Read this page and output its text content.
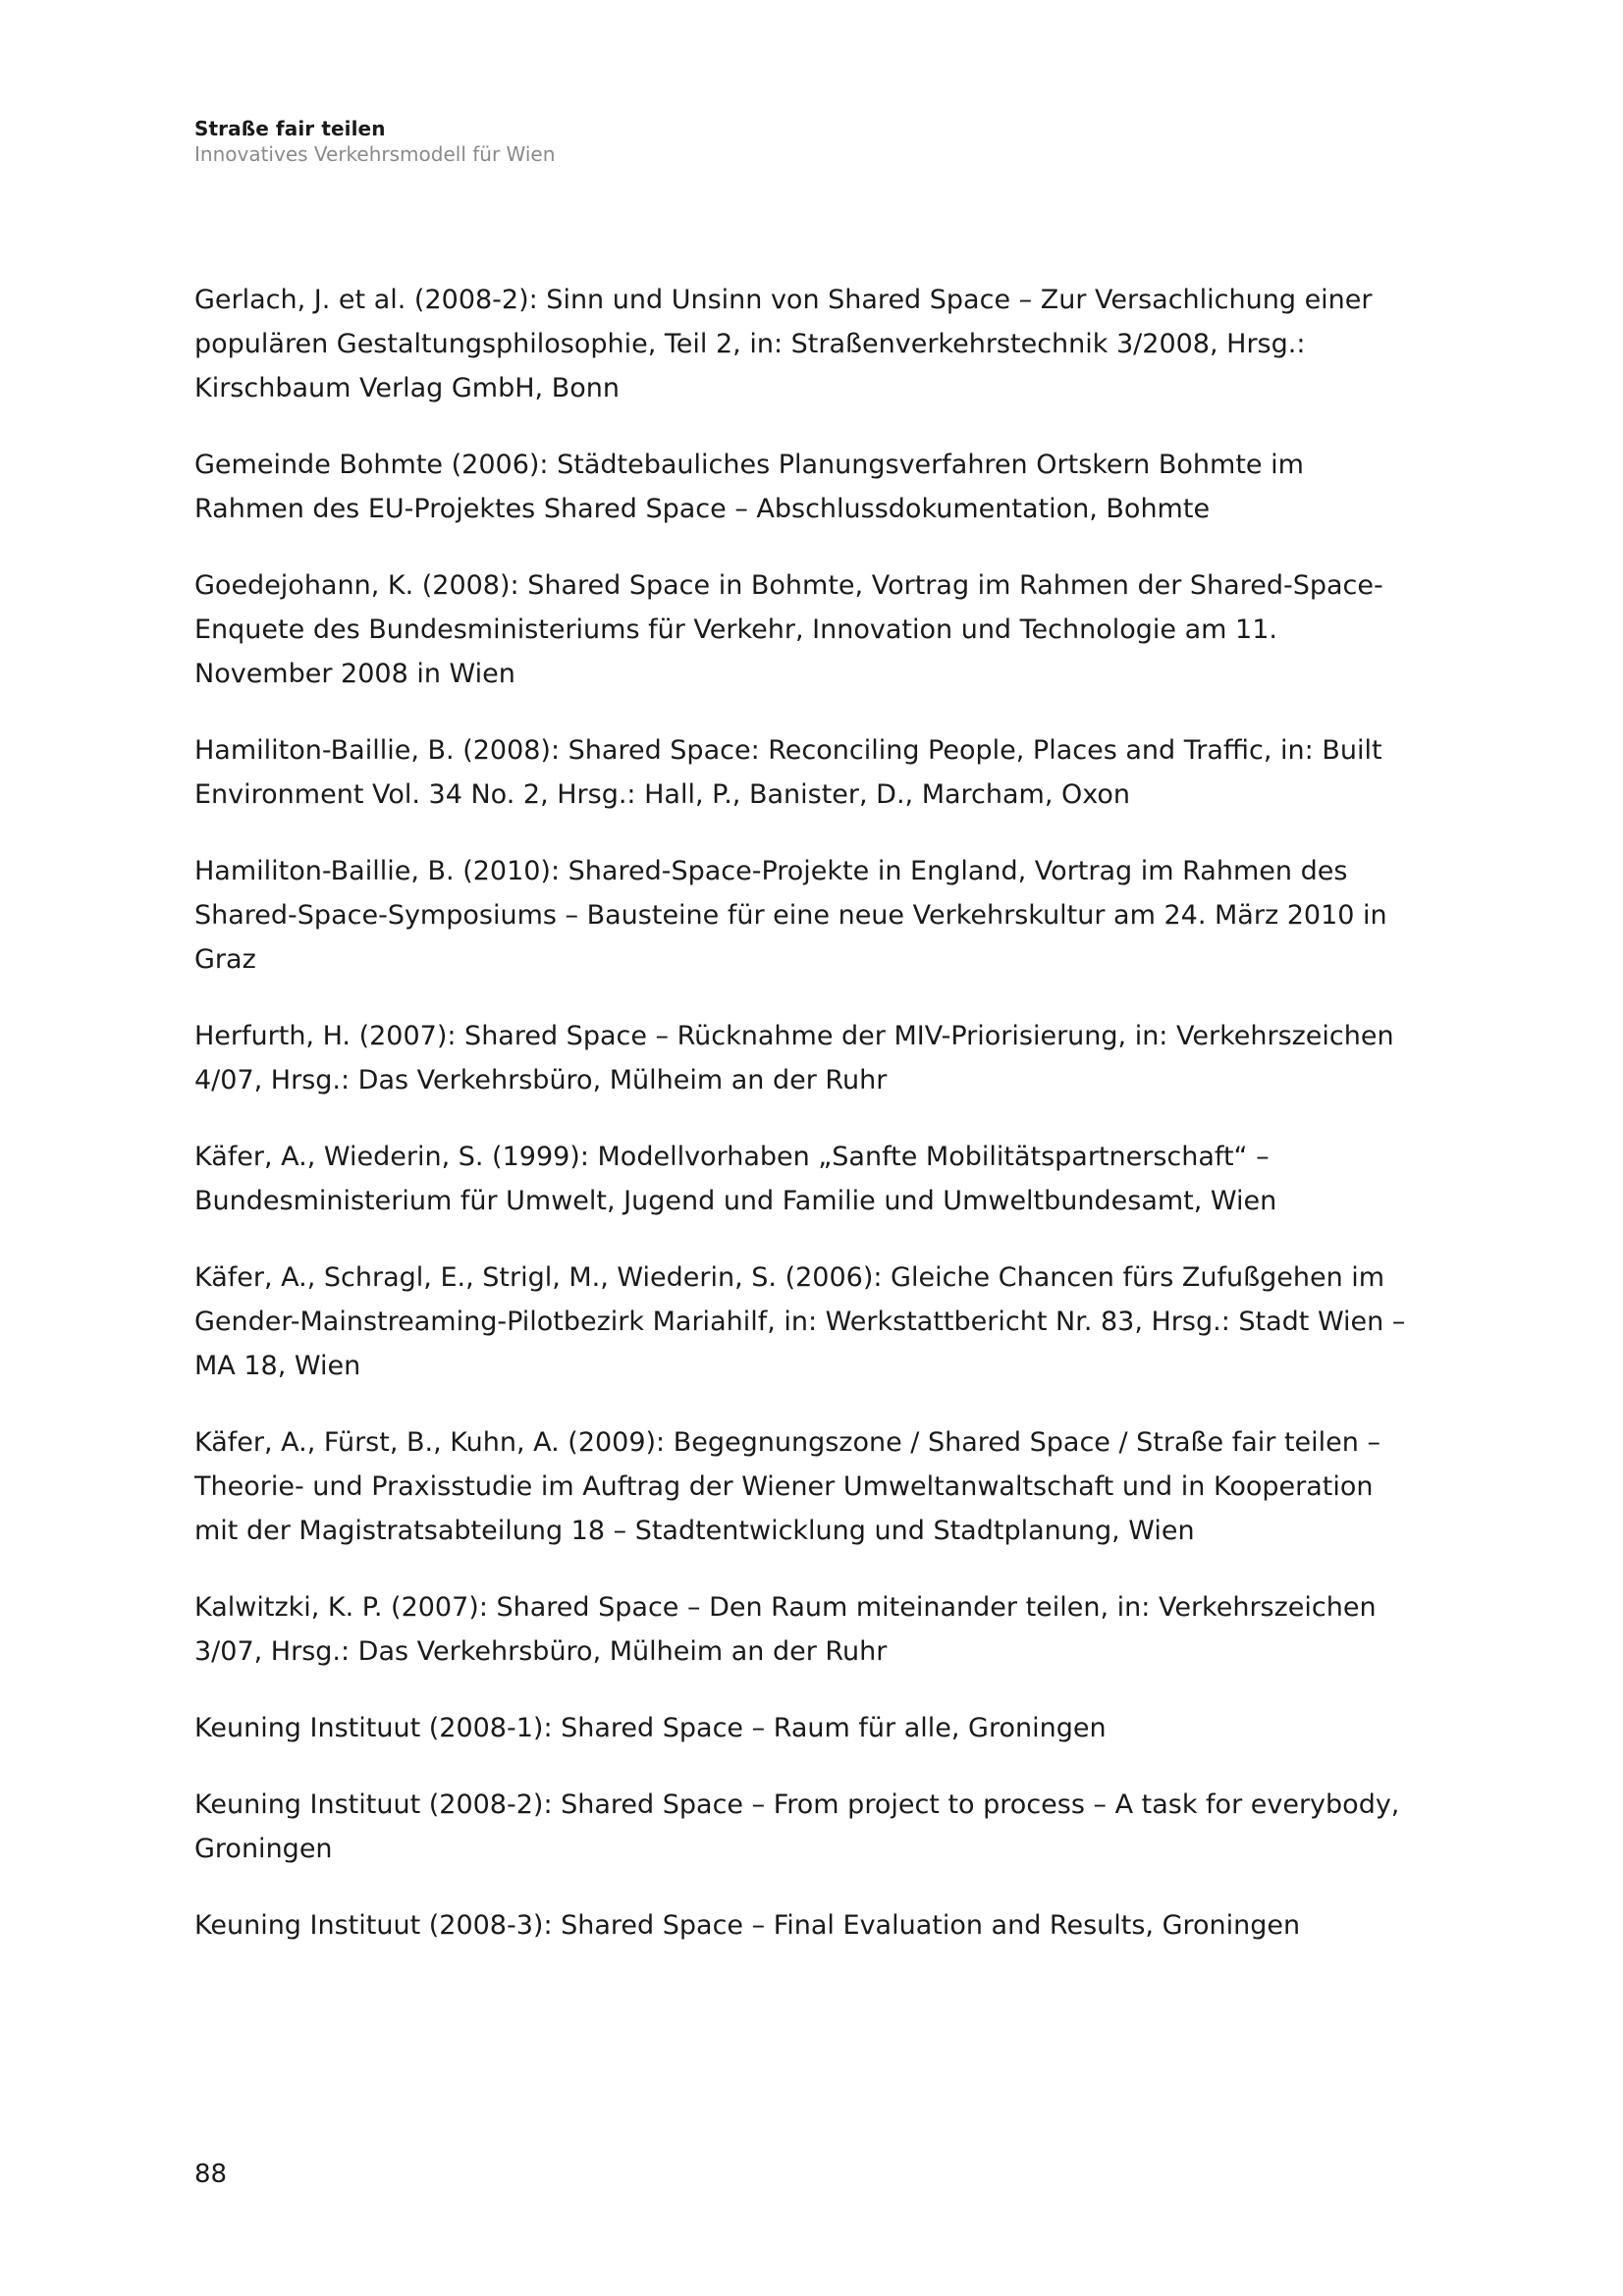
Straße fair teilen
Innovatives Verkehrsmodell für Wien

Gerlach, J. et al. (2008-2): Sinn und Unsinn von Shared Space – Zur Versachlichung einer populären Gestaltungsphilosophie, Teil 2, in: Straßenverkehrstechnik 3/2008, Hrsg.: Kirschbaum Verlag GmbH, Bonn

Gemeinde Bohmte (2006): Städtebauliches Planungsverfahren Ortskern Bohmte im Rahmen des EU-Projektes Shared Space – Abschlussdokumentation, Bohmte

Goedejohann, K. (2008): Shared Space in Bohmte, Vortrag im Rahmen der Shared-Space-Enquete des Bundesministeriums für Verkehr, Innovation und Technologie am 11. November 2008 in Wien

Hamiliton-Baillie, B. (2008): Shared Space: Reconciling People, Places and Traffic, in: Built Environment Vol. 34 No. 2, Hrsg.: Hall, P., Banister, D., Marcham, Oxon

Hamiliton-Baillie, B. (2010): Shared-Space-Projekte in England, Vortrag im Rahmen des Shared-Space-Symposiums – Bausteine für eine neue Verkehrskultur am 24. März 2010 in Graz

Herfurth, H. (2007): Shared Space – Rücknahme der MIV-Priorisierung, in: Verkehrszeichen 4/07, Hrsg.: Das Verkehrsbüro, Mülheim an der Ruhr

Käfer, A., Wiederin, S. (1999): Modellvorhaben „Sanfte Mobilitätspartnerschaft“ – Bundesministerium für Umwelt, Jugend und Familie und Umweltbundesamt, Wien

Käfer, A., Schragl, E., Strigl, M., Wiederin, S. (2006): Gleiche Chancen fürs Zufußgehen im Gender-Mainstreaming-Pilotbezirk Mariahilf, in: Werkstattbericht Nr. 83, Hrsg.: Stadt Wien – MA 18, Wien

Käfer, A., Fürst, B., Kuhn, A. (2009): Begegnungszone / Shared Space / Straße fair teilen – Theorie- und Praxisstudie im Auftrag der Wiener Umweltanwaltschaft und in Kooperation mit der Magistratsabteilung 18 – Stadtentwicklung und Stadtplanung, Wien

Kalwitzki, K. P. (2007): Shared Space – Den Raum miteinander teilen, in: Verkehrszeichen 3/07, Hrsg.: Das Verkehrsbüro, Mülheim an der Ruhr

Keuning Instituut (2008-1): Shared Space – Raum für alle, Groningen

Keuning Instituut (2008-2): Shared Space – From project to process – A task for everybody, Groningen

Keuning Instituut (2008-3): Shared Space – Final Evaluation and Results, Groningen

88
